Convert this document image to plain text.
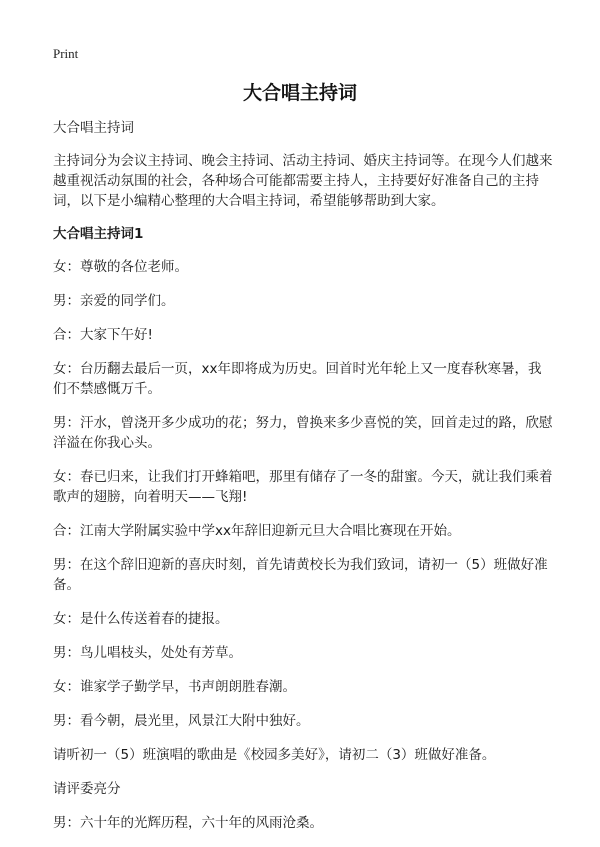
Print
大合唱主持词

大合唱主持词

主持词分为会议主持词、晚会主持词、活动主持词、婚庆主持词等。在现今人们越来越重视活动氛围的社会，各种场合可能都需要主持人，主持要好好准备自己的主持词，以下是小编精心整理的大合唱主持词，希望能够帮助到大家。

大合唱主持词1

女：尊敬的各位老师。

男：亲爱的同学们。

合：大家下午好!

女：台历翻去最后一页，xx年即将成为历史。回首时光年轮上又一度春秋寒暑，我们不禁感慨万千。

男：汗水，曾浇开多少成功的花；努力，曾换来多少喜悦的笑，回首走过的路，欣慰洋溢在你我心头。

女：春已归来，让我们打开蜂箱吧，那里有储存了一冬的甜蜜。今天，就让我们乘着歌声的翅膀，向着明天——飞翔!

合：江南大学附属实验中学xx年辞旧迎新元旦大合唱比赛现在开始。

男：在这个辞旧迎新的喜庆时刻，首先请黄校长为我们致词，请初一（5）班做好准备。

女：是什么传送着春的捷报。

男：鸟儿唱枝头，处处有芳草。

女：谁家学子勤学早，书声朗朗胜春潮。

男：看今朝，晨光里，风景江大附中独好。

请听初一（5）班演唱的歌曲是《校园多美好》，请初二（3）班做好准备。

请评委亮分

男：六十年的光辉历程，六十年的风雨沧桑。
